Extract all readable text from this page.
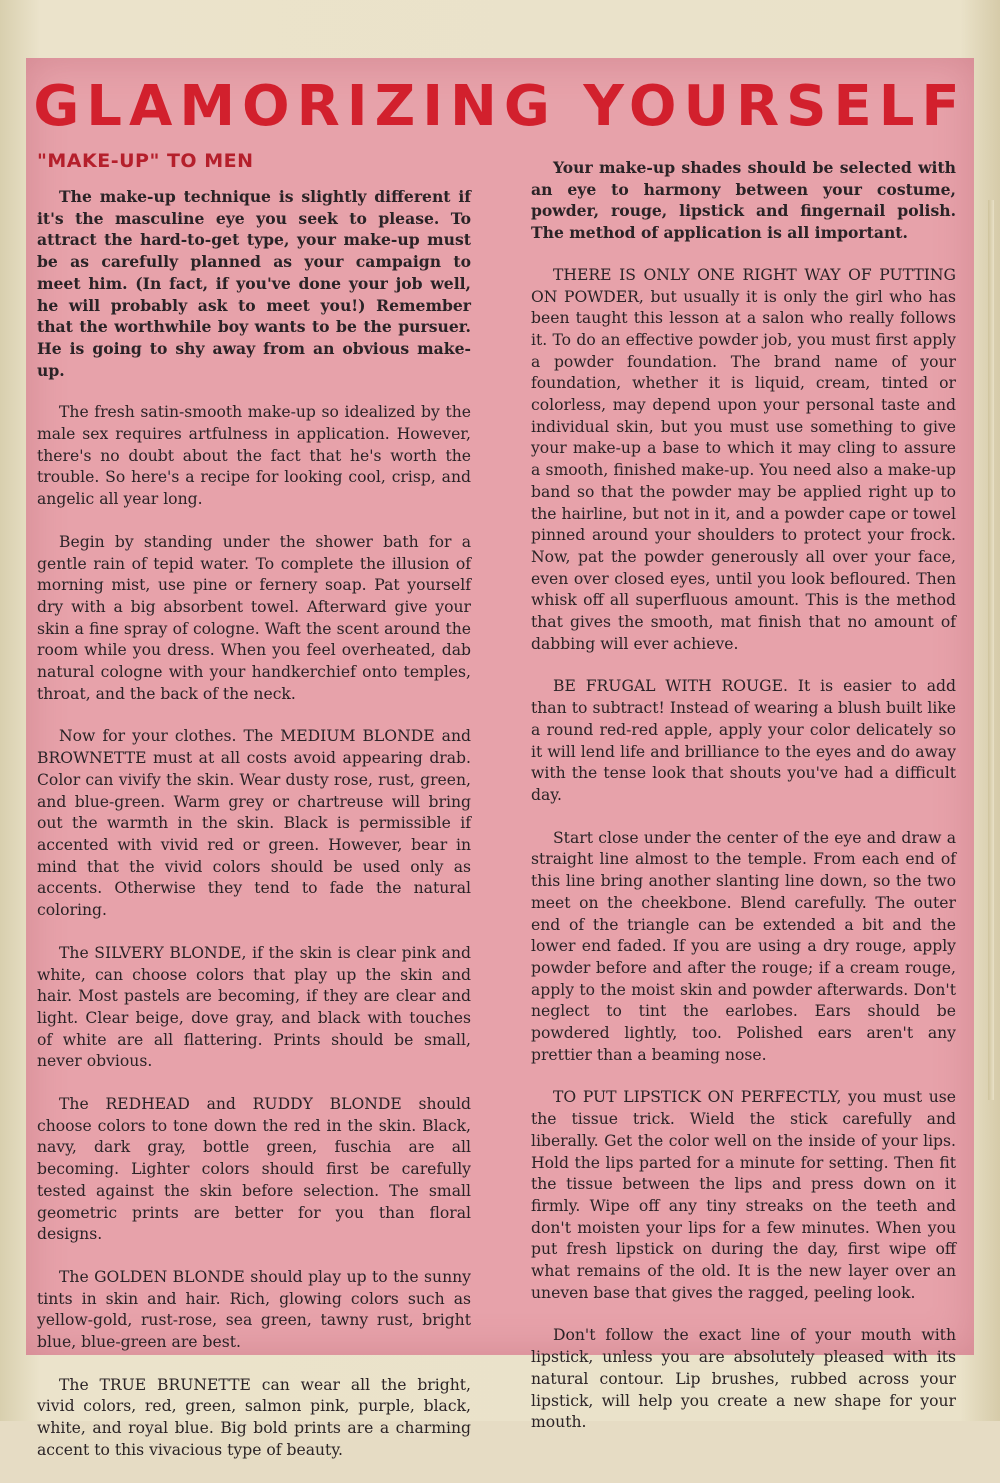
GLAMORIZING YOURSELF
"MAKE-UP" TO MEN

The make-up technique is slightly different if it's the masculine eye you seek to please. To attract the hard-to-get type, your make-up must be as carefully planned as your campaign to meet him. (In fact, if you've done your job well, he will probably ask to meet you!) Remember that the worthwhile boy wants to be the pursuer. He is going to shy away from an obvious make-up.

The fresh satin-smooth make-up so idealized by the male sex requires artfulness in application. However, there's no doubt about the fact that he's worth the trouble. So here's a recipe for looking cool, crisp, and angelic all year long.

Begin by standing under the shower bath for a gentle rain of tepid water. To complete the illusion of morning mist, use pine or fernery soap. Pat yourself dry with a big absorbent towel. Afterward give your skin a fine spray of cologne. Waft the scent around the room while you dress. When you feel overheated, dab natural cologne with your handkerchief onto temples, throat, and the back of the neck.

Now for your clothes. The MEDIUM BLONDE and BROWNETTE must at all costs avoid appearing drab. Color can vivify the skin. Wear dusty rose, rust, green, and blue-green. Warm grey or chartreuse will bring out the warmth in the skin. Black is permissible if accented with vivid red or green. However, bear in mind that the vivid colors should be used only as accents. Otherwise they tend to fade the natural coloring.

The SILVERY BLONDE, if the skin is clear pink and white, can choose colors that play up the skin and hair. Most pastels are becoming, if they are clear and light. Clear beige, dove gray, and black with touches of white are all flattering. Prints should be small, never obvious.

The REDHEAD and RUDDY BLONDE should choose colors to tone down the red in the skin. Black, navy, dark gray, bottle green, fuschia are all becoming. Lighter colors should first be carefully tested against the skin before selection. The small geometric prints are better for you than floral designs.

The GOLDEN BLONDE should play up to the sunny tints in skin and hair. Rich, glowing colors such as yellow-gold, rust-rose, sea green, tawny rust, bright blue, blue-green are best.

The TRUE BRUNETTE can wear all the bright, vivid colors, red, green, salmon pink, purple, black, white, and royal blue. Big bold prints are a charming accent to this vivacious type of beauty.

Your make-up shades should be selected with an eye to harmony between your costume, powder, rouge, lipstick and fingernail polish. The method of application is all important.

THERE IS ONLY ONE RIGHT WAY OF PUTTING ON POWDER, but usually it is only the girl who has been taught this lesson at a salon who really follows it. To do an effective powder job, you must first apply a powder foundation. The brand name of your foundation, whether it is liquid, cream, tinted or colorless, may depend upon your personal taste and individual skin, but you must use something to give your make-up a base to which it may cling to assure a smooth, finished make-up. You need also a make-up band so that the powder may be applied right up to the hairline, but not in it, and a powder cape or towel pinned around your shoulders to protect your frock. Now, pat the powder generously all over your face, even over closed eyes, until you look befloured. Then whisk off all superfluous amount. This is the method that gives the smooth, mat finish that no amount of dabbing will ever achieve.

BE FRUGAL WITH ROUGE. It is easier to add than to subtract! Instead of wearing a blush built like a round red-red apple, apply your color delicately so it will lend life and brilliance to the eyes and do away with the tense look that shouts you've had a difficult day.

Start close under the center of the eye and draw a straight line almost to the temple. From each end of this line bring another slanting line down, so the two meet on the cheekbone. Blend carefully. The outer end of the triangle can be extended a bit and the lower end faded. If you are using a dry rouge, apply powder before and after the rouge; if a cream rouge, apply to the moist skin and powder afterwards. Don't neglect to tint the earlobes. Ears should be powdered lightly, too. Polished ears aren't any prettier than a beaming nose.

TO PUT LIPSTICK ON PERFECTLY, you must use the tissue trick. Wield the stick carefully and liberally. Get the color well on the inside of your lips. Hold the lips parted for a minute for setting. Then fit the tissue between the lips and press down on it firmly. Wipe off any tiny streaks on the teeth and don't moisten your lips for a few minutes. When you put fresh lipstick on during the day, first wipe off what remains of the old. It is the new layer over an uneven base that gives the ragged, peeling look.

Don't follow the exact line of your mouth with lipstick, unless you are absolutely pleased with its natural contour. Lip brushes, rubbed across your lipstick, will help you create a new shape for your mouth.
